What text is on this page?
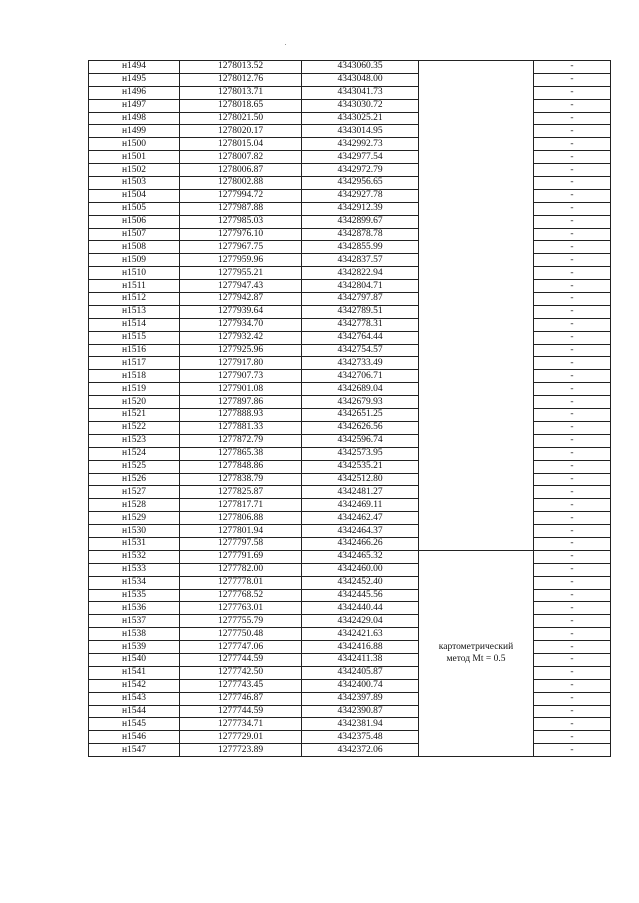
н1494	1278013.52	4343060.35		-
н1495	1278012.76	4343048.00		-
н1496	1278013.71	4343041.73		-
н1497	1278018.65	4343030.72		-
н1498	1278021.50	4343025.21		-
н1499	1278020.17	4343014.95		-
н1500	1278015.04	4342992.73		-
н1501	1278007.82	4342977.54		-
н1502	1278006.87	4342972.79		-
н1503	1278002.88	4342956.65		-
н1504	1277994.72	4342927.78		-
н1505	1277987.88	4342912.39		-
н1506	1277985.03	4342899.67		-
н1507	1277976.10	4342878.78		-
н1508	1277967.75	4342855.99		-
н1509	1277959.96	4342837.57		-
н1510	1277955.21	4342822.94		-
н1511	1277947.43	4342804.71		-
н1512	1277942.87	4342797.87		-
н1513	1277939.64	4342789.51		-
н1514	1277934.70	4342778.31		-
н1515	1277932.42	4342764.44		-
н1516	1277925.96	4342754.57		-
н1517	1277917.80	4342733.49		-
н1518	1277907.73	4342706.71		-
н1519	1277901.08	4342689.04		-
н1520	1277897.86	4342679.93		-
н1521	1277888.93	4342651.25		-
н1522	1277881.33	4342626.56		-
н1523	1277872.79	4342596.74		-
н1524	1277865.38	4342573.95		-
н1525	1277848.86	4342535.21		-
н1526	1277838.79	4342512.80		-
н1527	1277825.87	4342481.27		-
н1528	1277817.71	4342469.11		-
н1529	1277806.88	4342462.47		-
н1530	1277801.94	4342464.37		-
н1531	1277797.58	4342466.26		-
н1532	1277791.69	4342465.32	картометрический
метод Mt = 0.5	-
н1533	1277782.00	4342460.00		-
н1534	1277778.01	4342452.40		-
н1535	1277768.52	4342445.56		-
н1536	1277763.01	4342440.44		-
н1537	1277755.79	4342429.04		-
н1538	1277750.48	4342421.63		-
н1539	1277747.06	4342416.88		-
н1540	1277744.59	4342411.38		-
н1541	1277742.50	4342405.87		-
н1542	1277743.45	4342400.74		-
н1543	1277746.87	4342397.89		-
н1544	1277744.59	4342390.87		-
н1545	1277734.71	4342381.94		-
н1546	1277729.01	4342375.48		-
н1547	1277723.89	4342372.06		-
